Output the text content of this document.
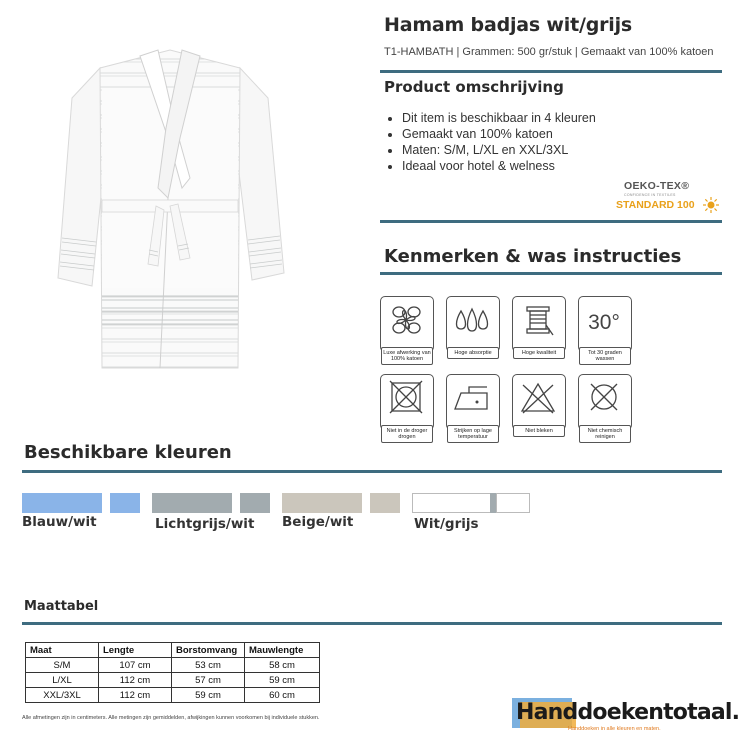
Hamam badjas wit/grijs
T1-HAMBATH | Grammen: 500 gr/stuk | Gemaakt van 100% katoen
Product omschrijving
• Dit item is beschikbaar in 4 kleuren
• Gemaakt van 100% katoen
• Maten: S/M, L/XL en XXL/3XL
• Ideaal voor hotel & welness
OEKO-TEX®
CONFIDENCE IN TEXTILES
STANDARD 100
Kenmerken & was instructies
Luxe afwerking van 100% katoen
Hoge absorptie	Hoge kwaliteit
30°
Tot 30 graden wassen
Niet in de droger drogen
Strijken op lage temperatuur
Niet bleken	Niet chemisch reinigen
Beschikbare kleuren
Blauw/wit	Lichtgrijs/wit Beige/wit	Wit/grijs
Maattabel
Maat	Lengte	Borstomvang	Mauwlengte
S/M	107 cm	53 cm	58 cm
L/XL	112 cm	57 cm	59 cm
XXL/3XL	112 cm	59 cm	60 cm
Alle afmetingen zijn in centimeters. Alle metingen zijn gemiddelden, afwijkingen kunnen voorkomen bij individuele stukken.	Handdoekentotaal.
Handdoeken in alle kleuren en maten.
